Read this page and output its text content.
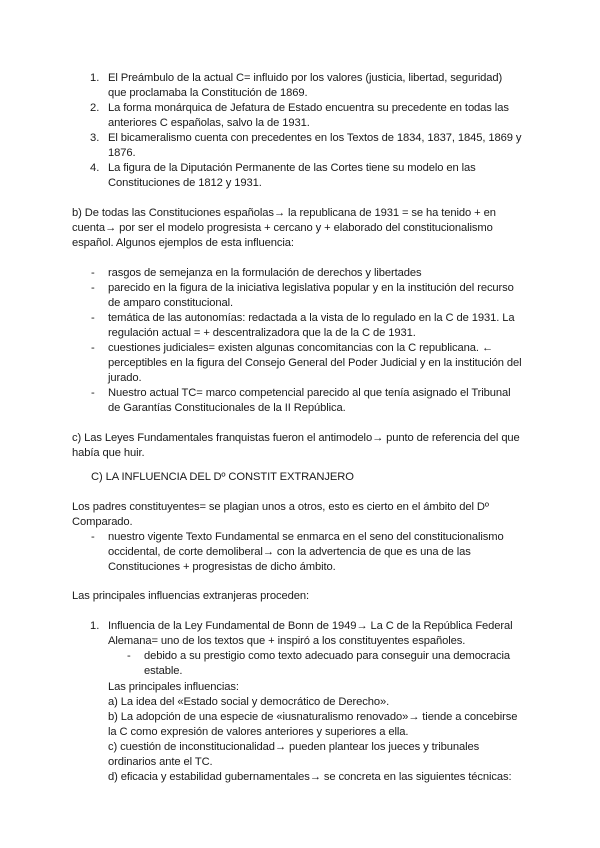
1. El Preámbulo de la actual C= influido por los valores (justicia, libertad, seguridad)
que proclamaba la Constitución de 1869.
2. La forma monárquica de Jefatura de Estado encuentra su precedente en todas las
anteriores C españolas, salvo la de 1931.
3. El bicameralismo cuenta con precedentes en los Textos de 1834, 1837, 1845, 1869 y
1876.
4. La figura de la Diputación Permanente de las Cortes tiene su modelo en las
Constituciones de 1812 y 1931.
b) De todas las Constituciones españolas→ la republicana de 1931 = se ha tenido + en
cuenta→ por ser el modelo progresista + cercano y + elaborado del constitucionalismo
español. Algunos ejemplos de esta influencia:
- rasgos de semejanza en la formulación de derechos y libertades
- parecido en la figura de la iniciativa legislativa popular y en la institución del recurso
de amparo constitucional.
- temática de las autonomías: redactada a la vista de lo regulado en la C de 1931. La
regulación actual = + descentralizadora que la de la C de 1931.
- cuestiones judiciales= existen algunas concomitancias con la C republicana. ←
perceptibles en la figura del Consejo General del Poder Judicial y en la institución del
jurado.
- Nuestro actual TC= marco competencial parecido al que tenía asignado el Tribunal
de Garantías Constitucionales de la II República.
c) Las Leyes Fundamentales franquistas fueron el antimodelo→ punto de referencia del que
había que huir.
C) LA INFLUENCIA DEL Dº CONSTIT EXTRANJERO
Los padres constituyentes= se plagian unos a otros, esto es cierto en el ámbito del Dº
Comparado.
- nuestro vigente Texto Fundamental se enmarca en el seno del constitucionalismo
occidental, de corte demoliberal→ con la advertencia de que es una de las
Constituciones + progresistas de dicho ámbito.
Las principales influencias extranjeras proceden:
1. Influencia de la Ley Fundamental de Bonn de 1949→ La C de la República Federal
Alemana= uno de los textos que + inspiró a los constituyentes españoles.
- debido a su prestigio como texto adecuado para conseguir una democracia
estable.
Las principales influencias:
a) La idea del «Estado social y democrático de Derecho».
b) La adopción de una especie de «iusnaturalismo renovado»→ tiende a concebirse
la C como expresión de valores anteriores y superiores a ella.
c) cuestión de inconstitucionalidad→ pueden plantear los jueces y tribunales
ordinarios ante el TC.
d) eficacia y estabilidad gubernamentales→ se concreta en las siguientes técnicas:
